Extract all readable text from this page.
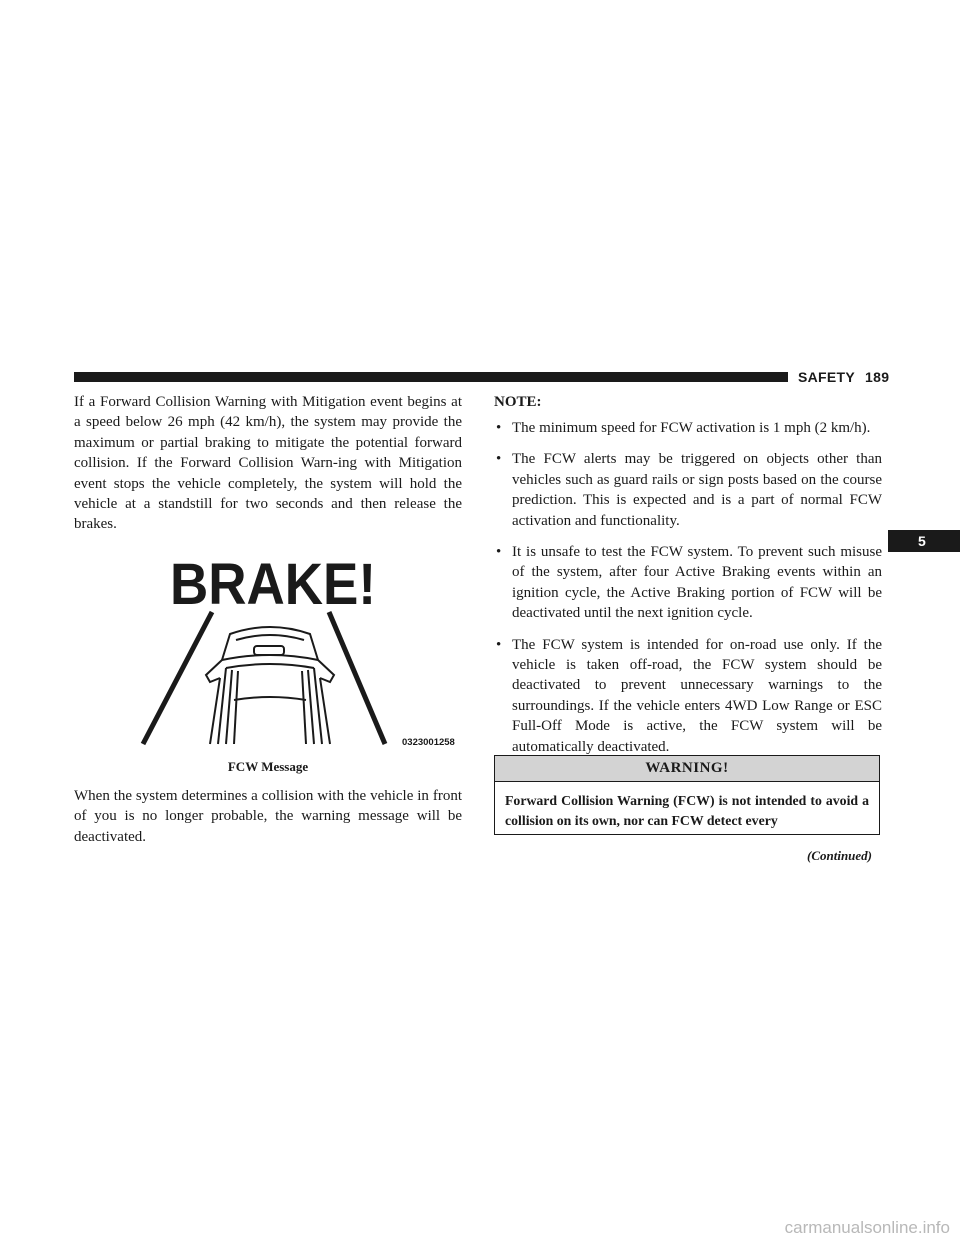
SAFETY 189
5

If a Forward Collision Warning with Mitigation event begins at a speed below 26 mph (42 km/h), the system may provide the maximum or partial braking to mitigate the potential forward collision. If the Forward Collision Warn-ing with Mitigation event stops the vehicle completely, the system will hold the vehicle at a standstill for two seconds and then release the brakes.

BRAKE!
0323001258
FCW Message

When the system determines a collision with the vehicle in front of you is no longer probable, the warning message will be deactivated.

NOTE:
• The minimum speed for FCW activation is 1 mph (2 km/h).
• The FCW alerts may be triggered on objects other than vehicles such as guard rails or sign posts based on the course prediction. This is expected and is a part of normal FCW activation and functionality.
• It is unsafe to test the FCW system. To prevent such misuse of the system, after four Active Braking events within an ignition cycle, the Active Braking portion of FCW will be deactivated until the next ignition cycle.
• The FCW system is intended for on-road use only. If the vehicle is taken off-road, the FCW system should be deactivated to prevent unnecessary warnings to the surroundings. If the vehicle enters 4WD Low Range or ESC Full-Off Mode is active, the FCW system will be automatically deactivated.
WARNING!
Forward Collision Warning (FCW) is not intended to avoid a collision on its own, nor can FCW detect every
(Continued)
carmanualsonline.info
